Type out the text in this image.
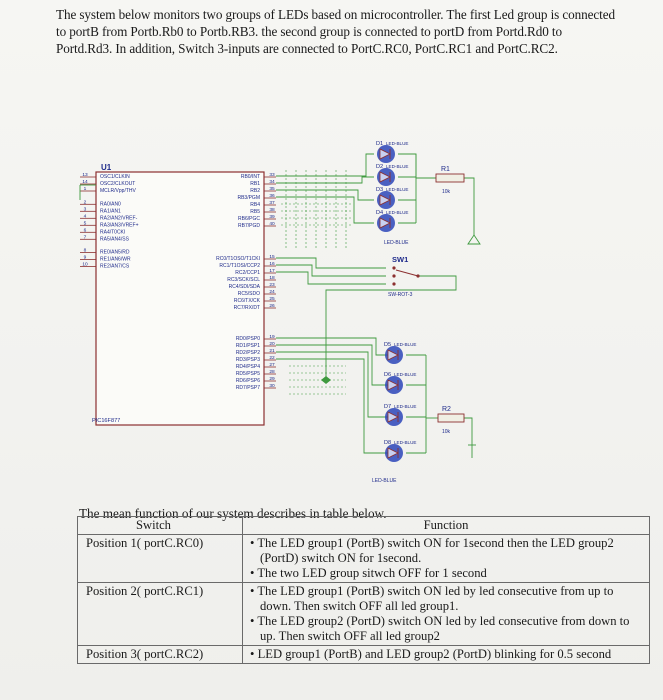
The system below monitors two groups of LEDs based on microcontroller. The first Led group is connected to portB from Portb.Rb0 to Portb.RB3. the second group is connected to portD from Portd.Rd0 to Portd.Rd3. In addition, Switch 3-inputs are connected to PortC.RC0, PortC.RC1 and PortC.RC2.

U1
PIC16F877
OSC1/CLKIN
13
OSC2/CLKOUT
14
MCLR/Vpp/THV
1
RA0/AN0
2
RA1/AN1
3
RA2/AN2/VREF-
4
RA3/AN3/VREF+
5
RA4/T0CKI
6
RA5/AN4/SS
7
RE0/AN5/RD
8
RE1/AN6/WR
9
RE2/AN7/CS
10
RB0/INT 33
RB1 34
RB2 35
RB3/PGM 36
RB4 37
RB5 38
RB6/PGC 39
RB7/PGD 40
RC0/T1OSO/T1CKI 15
RC1/T1OSI/CCP2 16
RC2/CCP1 17
RC3/SCK/SCL 18
RC4/SDI/SDA 23
RC5/SDO 24
RC6/TX/CK 25
RC7/RX/DT 26
RD0/PSP0 19
RD1/PSP1 20
RD2/PSP2 21
RD3/PSP3 22
RD4/PSP4 27
RD5/PSP5 28
RD6/PSP6 29
RD7/PSP7 30
D1 LED-BLUE
D2 LED-BLUE
D3 LED-BLUE
D4 LED-BLUE
LED-BLUE
D5 LED-BLUE
D6 LED-BLUE
D7 LED-BLUE
D8 LED-BLUE
LED-BLUE
R1
10k
R2
10k
SW1
SW-ROT-3

The mean function of our system describes in table below.

Switch	Function
Position 1( portC.RC0)	• The LED group1 (PortB) switch ON for 1second then the LED group2 (PortD) switch ON for 1second.
• The two LED group sitwch OFF for 1 second

Position 2( portC.RC1)	• The LED group1 (PortB) switch ON led by led consecutive from up to down. Then switch OFF all led group1.
• The LED group2 (PortD) switch ON led by led consecutive from down to up. Then switch OFF all led group2

Position 3( portC.RC2)	• LED group1 (PortB) and LED group2 (PortD) blinking for 0.5 second
